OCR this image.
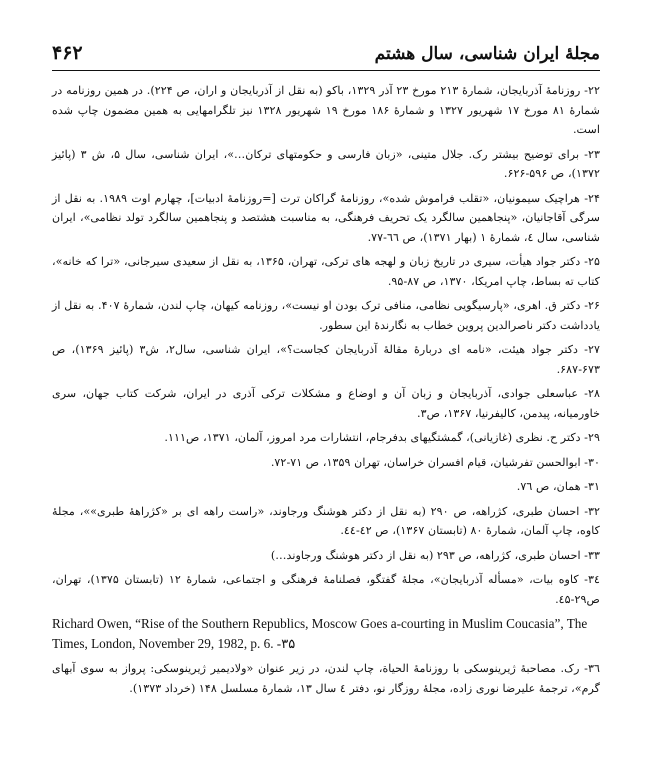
مجلهٔ ایران شناسی، سال هشتم
۴۶۲

۲۲- روزنامهٔ آذربایجان، شمارهٔ ۲۱۳ مورخ ۲۳ آذر ۱۳۲۹، باکو (به نقل از آذربایجان و اران، ص ۲۲۴). در همین روزنامه در شمارهٔ ۸۱ مورخ ۱۷ شهریور ۱۳۲۷ و شمارهٔ ۱۸۶ مورخ ۱۹ شهریور ۱۳۲۸ نیز تلگرامهایی به همین مضمون چاپ شده است.

۲۳- برای توضیح بیشتر رک. جلال متینی، «زبان فارسی و حکومتهای ترکان…»، ایران شناسی، سال ۵، ش ۳ (پائیز ۱۳۷۲)، ص ۵۹۶-۶۲۶.

۲۴- هراچیک سیمونیان، «تقلب فراموش شده»، روزنامهٔ گراکان ترت [=روزنامهٔ ادبیات]، چهارم اوت ۱۹۸۹. به نقل از سرگی آقاجانیان، «پنجاهمین سالگرد یک تحریف فرهنگی، به مناسبت هشتصد و پنجاهمین سالگرد تولد نظامی»، ایران شناسی، سال ٤، شمارهٔ ۱ (بهار ۱۳۷۱)، ص ٦٦-۷۷.

۲۵- دکتر جواد هیأت، سیری در تاریخ زبان و لهجه های ترکی، تهران، ۱۳۶۵، به نقل از سعیدی سیرجانی، «ترا که خانه»، کتاب ته بساط، چاپ امریکا، ۱۳۷۰، ص ۸۷-۹۵.

۲۶- دکتر ق. اهری، «پارسیگویی نظامی، منافی ترک بودن او نیست»، روزنامه کیهان، چاپ لندن، شمارهٔ ۴۰۷. به نقل از یادداشت دکتر ناصرالدین پروین خطاب به نگارندهٔ این سطور.

۲۷- دکتر جواد هیئت، «نامه ای دربارهٔ مقالهٔ آذربایجان کجاست؟»، ایران شناسی، سال۲، ش۳ (پائیز ۱۳۶۹)، ص ۶۷۳-۶۸۷.

۲۸- عباسعلی جوادی، آذربایجان و زبان آن و اوضاع و مشکلات ترکی آذری در ایران، شرکت کتاب جهان، سری خاورمیانه، پیدمن، کالیفرنیا، ۱۳۶۷، ص۳.

۲۹- دکتر ح. نظری (غازیانی)، گمشتگیهای بدفرجام، انتشارات مرد امروز، آلمان، ۱۳۷۱، ص۱۱۱.

۳۰- ابوالحسن تفرشیان، قیام افسران خراسان، تهران ۱۳۵۹، ص ۷۱-۷۲.

۳۱- همان، ص ۷٦.

۳۲- احسان طبری، کژراهه، ص ۲۹۰ (به نقل از دکتر هوشنگ ورجاوند، «راست راهه ای بر «کژراههٔ طبری»»، مجلهٔ کاوه، چاپ آلمان، شمارهٔ ۸۰ (تابستان ۱۳۶۷)، ص ٤۲-٤٤.

۳۳- احسان طبری، کژراهه، ص ۲۹۳ (به نقل از دکتر هوشنگ ورجاوند…)

۳٤- کاوه بیات، «مسأله آذربایجان»، مجلهٔ گفتگو، فصلنامهٔ فرهنگی و اجتماعی، شمارهٔ ۱۲ (تابستان ۱۳۷۵)، تهران، ص۲۹-٤۵.

Richard Owen, “Rise of the Southern Republics, Moscow Goes a-courting in Muslim Coucasia”, The Times, London, November 29, 1982, p. 6. ۳۵-

۳٦- رک. مصاحبهٔ ژیرینوسکی با روزنامهٔ الحیاة، چاپ لندن، در زیر عنوان «ولادیمیر ژیرینوسکی: پرواز به سوی آبهای گرم»، ترجمهٔ علیرضا نوری زاده، مجلهٔ روزگار نو، دفتر ٤ سال ۱۳، شمارهٔ مسلسل ۱۴۸ (خرداد ۱۳۷۳).
